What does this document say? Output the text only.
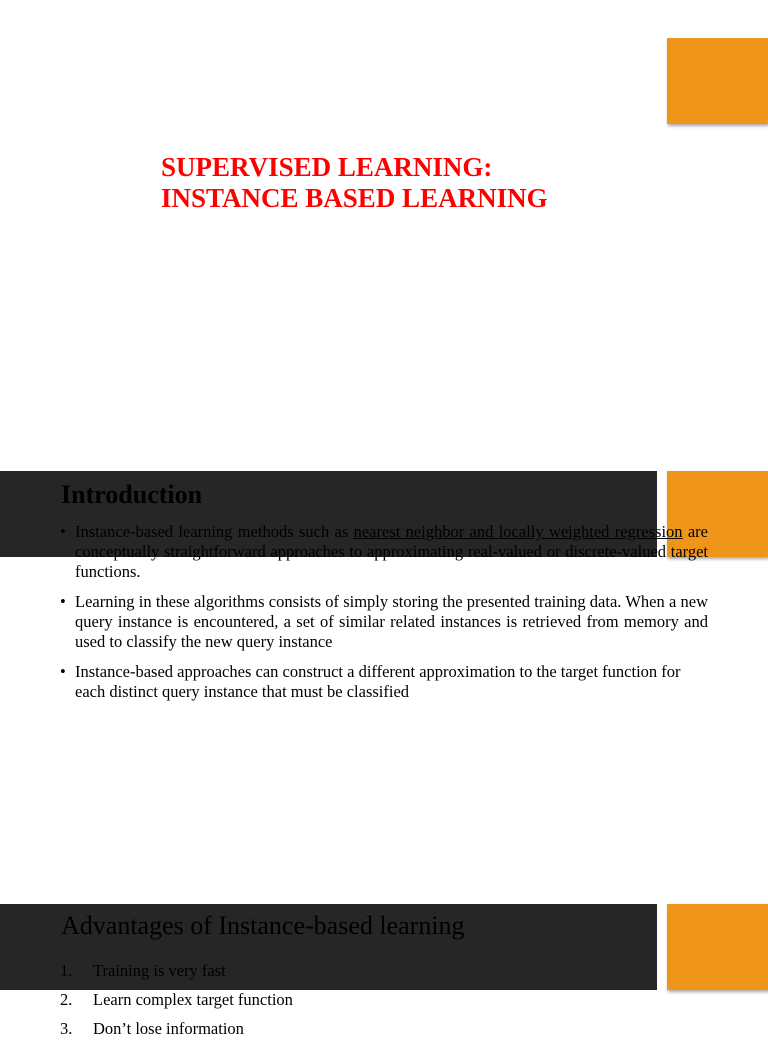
SUPERVISED LEARNING:
INSTANCE BASED LEARNING
Introduction
• Instance-based learning methods such as nearest neighbor and locally weighted regression are conceptually straightforward approaches to approximating real-valued or discrete-valued target functions.
• Learning in these algorithms consists of simply storing the presented training data. When a new query instance is encountered, a set of similar related instances is retrieved from memory and used to classify the new query instance
• Instance-based approaches can construct a different approximation to the target function for each distinct query instance that must be classified
Advantages of Instance-based learning
1.	Training is very fast
2.	Learn complex target function
3.	Don’t lose information
